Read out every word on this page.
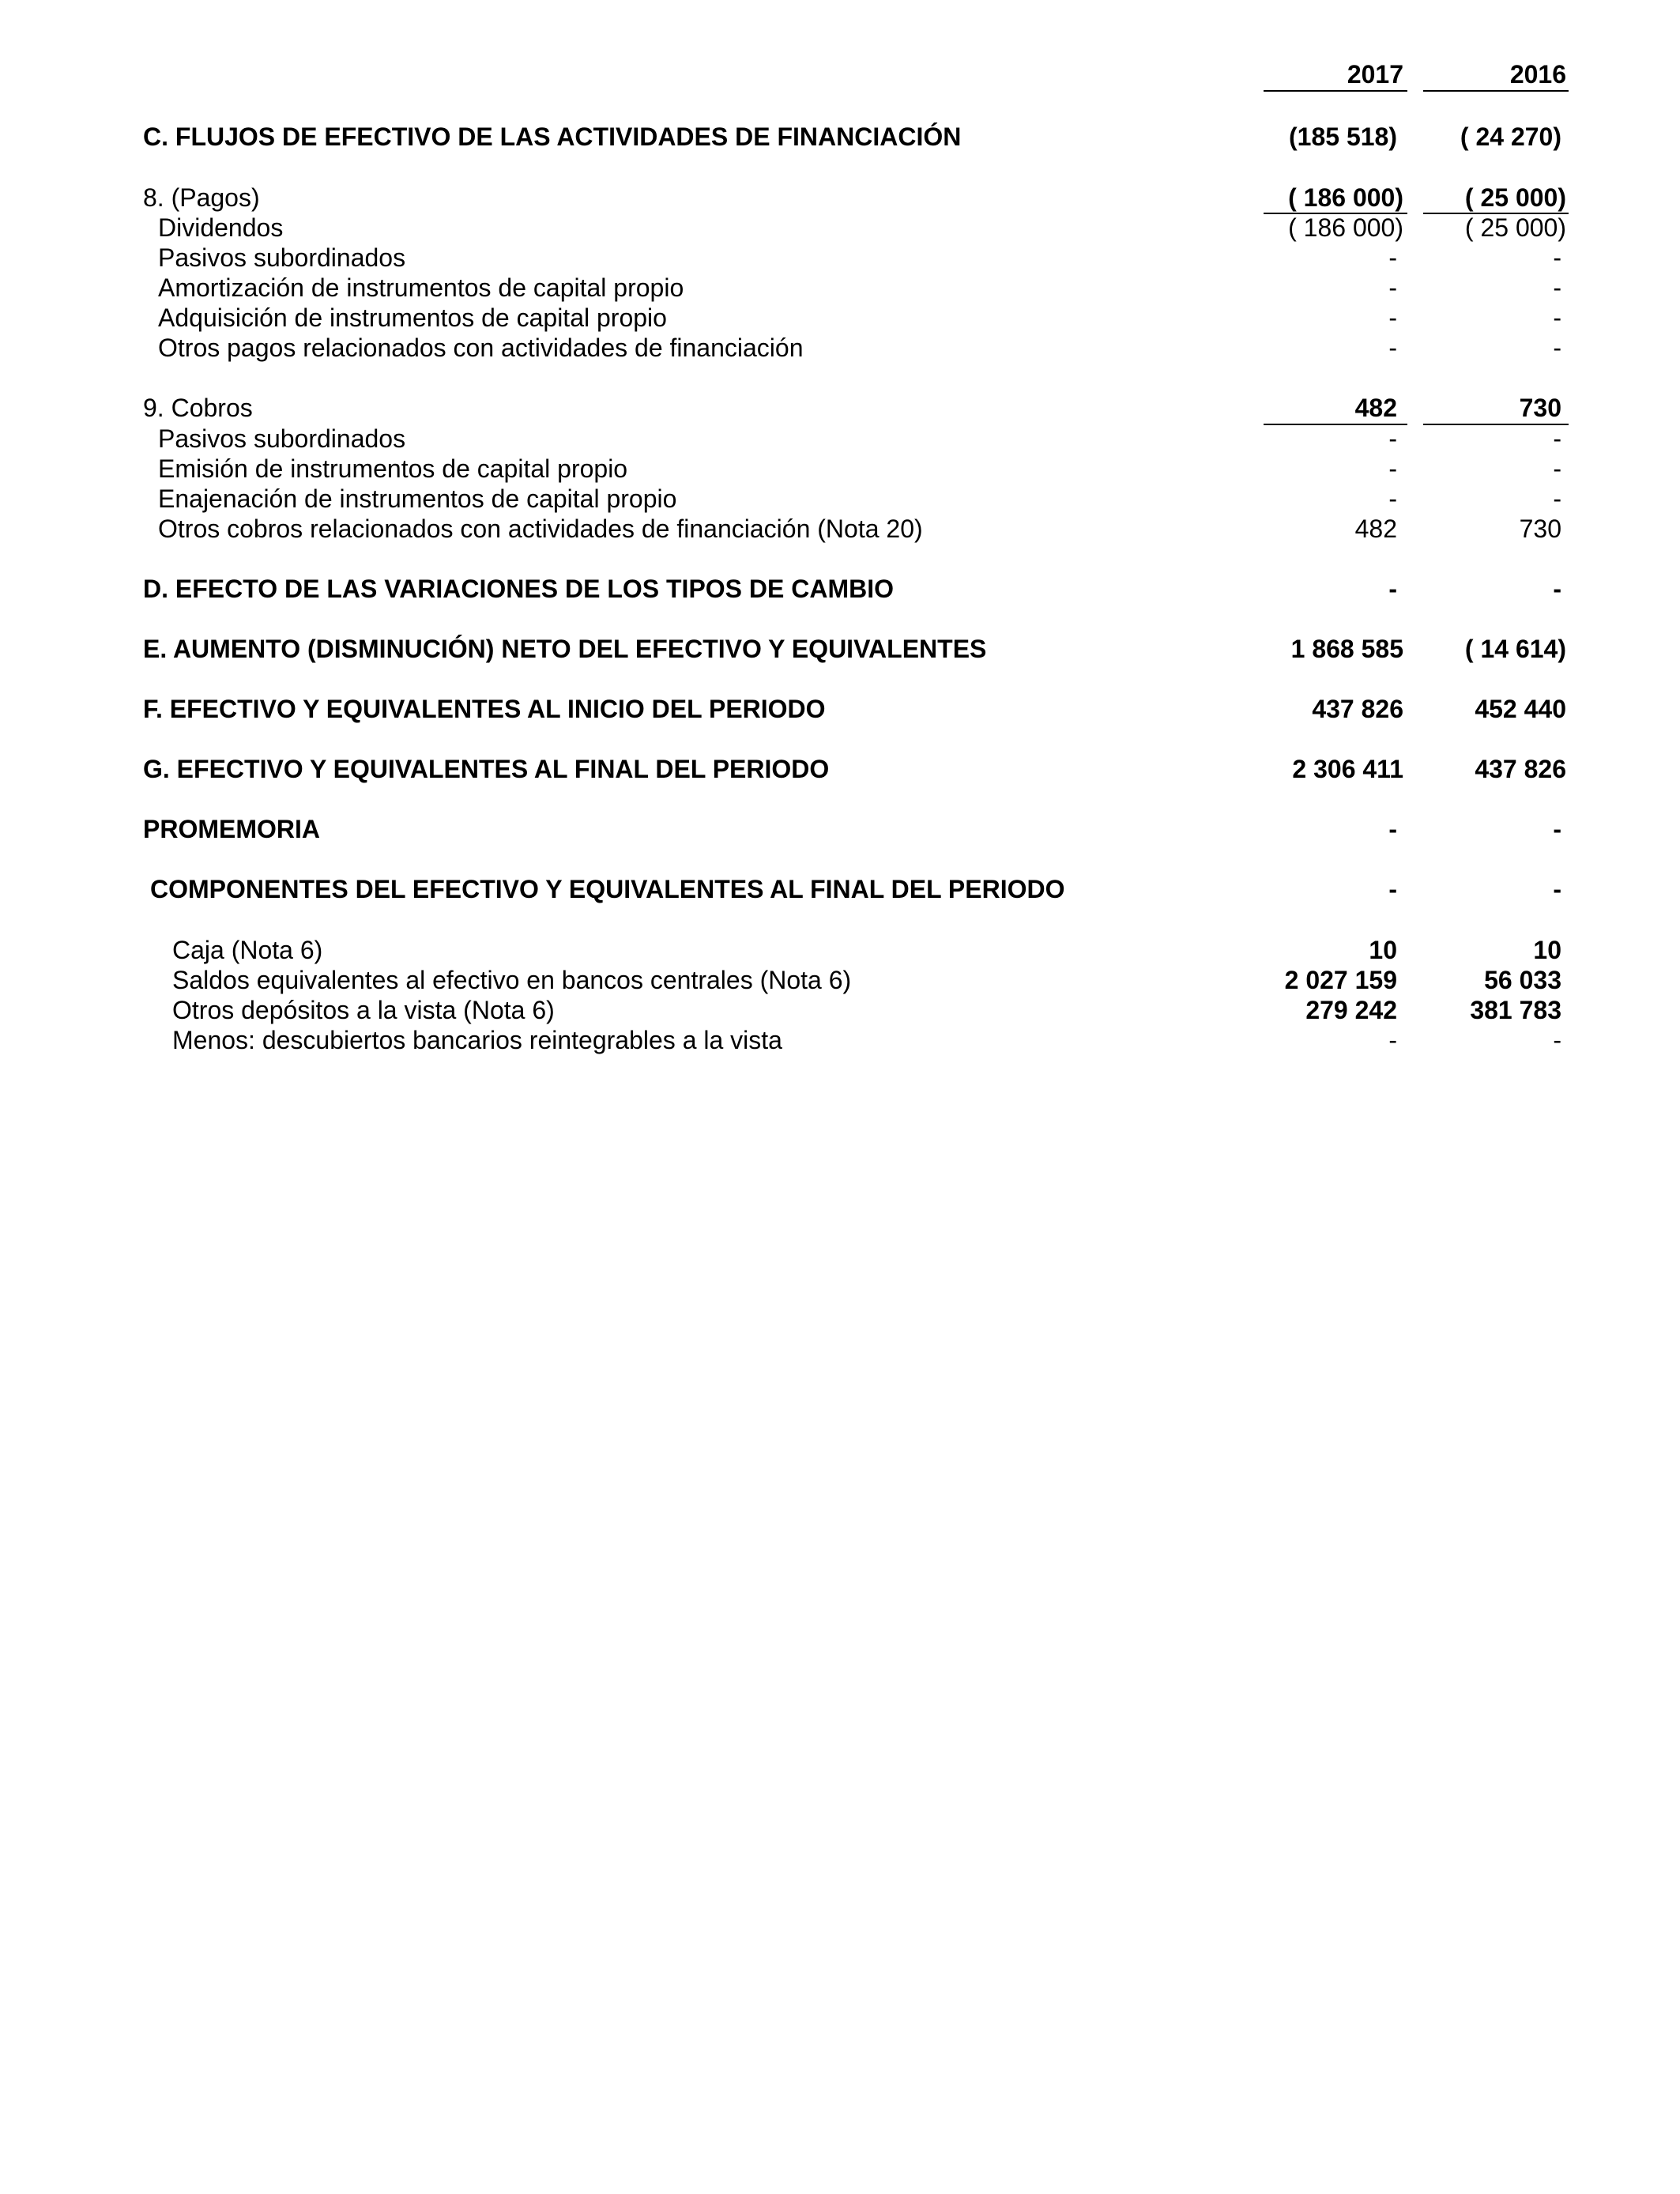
2017	2016
C. FLUJOS DE EFECTIVO DE LAS ACTIVIDADES DE FINANCIACIÓN	(185 518)	( 24 270)
8. (Pagos)	( 186 000)	( 25 000)
Dividendos	( 186 000)	( 25 000)
Pasivos subordinados	-	-
Amortización de instrumentos de capital propio	-	-
Adquisición de instrumentos de capital propio	-	-
Otros pagos relacionados con actividades de financiación	-	-
9. Cobros	482	730
Pasivos subordinados	-	-
Emisión de instrumentos de capital propio	-	-
Enajenación de instrumentos de capital propio	-	-
Otros cobros relacionados con actividades de financiación (Nota 20)	482	730
D. EFECTO DE LAS VARIACIONES DE LOS TIPOS DE CAMBIO	-	-
E. AUMENTO (DISMINUCIÓN) NETO DEL EFECTIVO Y EQUIVALENTES	1 868 585	( 14 614)
F. EFECTIVO Y EQUIVALENTES AL INICIO DEL PERIODO	437 826	452 440
G. EFECTIVO Y EQUIVALENTES AL FINAL DEL PERIODO	2 306 411	437 826
PROMEMORIA	-	-
COMPONENTES DEL EFECTIVO Y EQUIVALENTES AL FINAL DEL PERIODO	-	-
Caja (Nota 6)	10	10
Saldos equivalentes al efectivo en bancos centrales (Nota 6)	2 027 159	56 033
Otros depósitos a la vista (Nota 6)	279 242	381 783
Menos: descubiertos bancarios reintegrables a la vista	-	-
